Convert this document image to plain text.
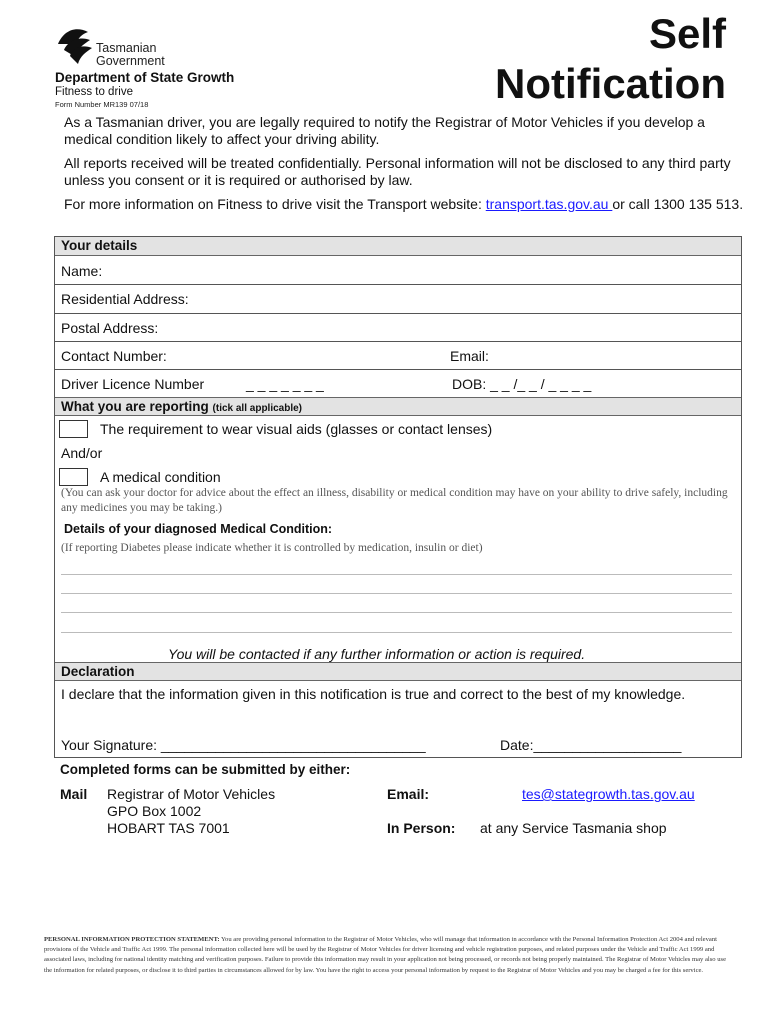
Tasmanian
Government
Department of State Growth
Fitness to drive
Form Number MR139 07/18
Self
Notification
As a Tasmanian driver, you are legally required to notify the Registrar of Motor Vehicles if you develop a medical condition likely to affect your driving ability.
All reports received will be treated confidentially. Personal information will not be disclosed to any third party unless you consent or it is required or authorised by law.
For more information on Fitness to drive visit the Transport website: transport.tas.gov.au or call 1300 135 513.
Your details
Name:
Residential Address:
Postal Address:
Contact Number:	Email:
Driver Licence Number	_ _ _ _ _ _ _	DOB: _ _ /_ _ / _ _ _ _
What you are reporting (tick all applicable)
The requirement to wear visual aids (glasses or contact lenses)
And/or
A medical condition
(You can ask your doctor for advice about the effect an illness, disability or medical condition may have on your ability to drive safely, including any medicines you may be taking.)
Details of your diagnosed Medical Condition:
(If reporting Diabetes please indicate whether it is controlled by medication, insulin or diet)
You will be contacted if any further information or action is required.
Declaration
I declare that the information given in this notification is true and correct to the best of my knowledge.
Your Signature: __________________________________	Date:___________________
Completed forms can be submitted by either:
Mail Registrar of Motor Vehicles
GPO Box 1002
HOBART TAS 7001
Email:	tes@stategrowth.tas.gov.au
In Person: at any Service Tasmania shop
PERSONAL INFORMATION PROTECTION STATEMENT: You are providing personal information to the Registrar of Motor Vehicles, who will manage that information in accordance with the Personal Information Protection Act 2004 and relevant provisions of the Vehicle and Traffic Act 1999. The personal information collected here will be used by the Registrar of Motor Vehicles for driver licensing and vehicle registration purposes, and related purposes under the Vehicle and Traffic Act 1999 and associated laws, including for national identity matching and verification purposes. Failure to provide this information may result in your application not being processed, or records not being properly maintained. The Registrar of Motor Vehicles may also use the information for related purposes, or disclose it to third parties in circumstances allowed for by law. You have the right to access your personal information by request to the Registrar of Motor Vehicles and you may be charged a fee for this service.
